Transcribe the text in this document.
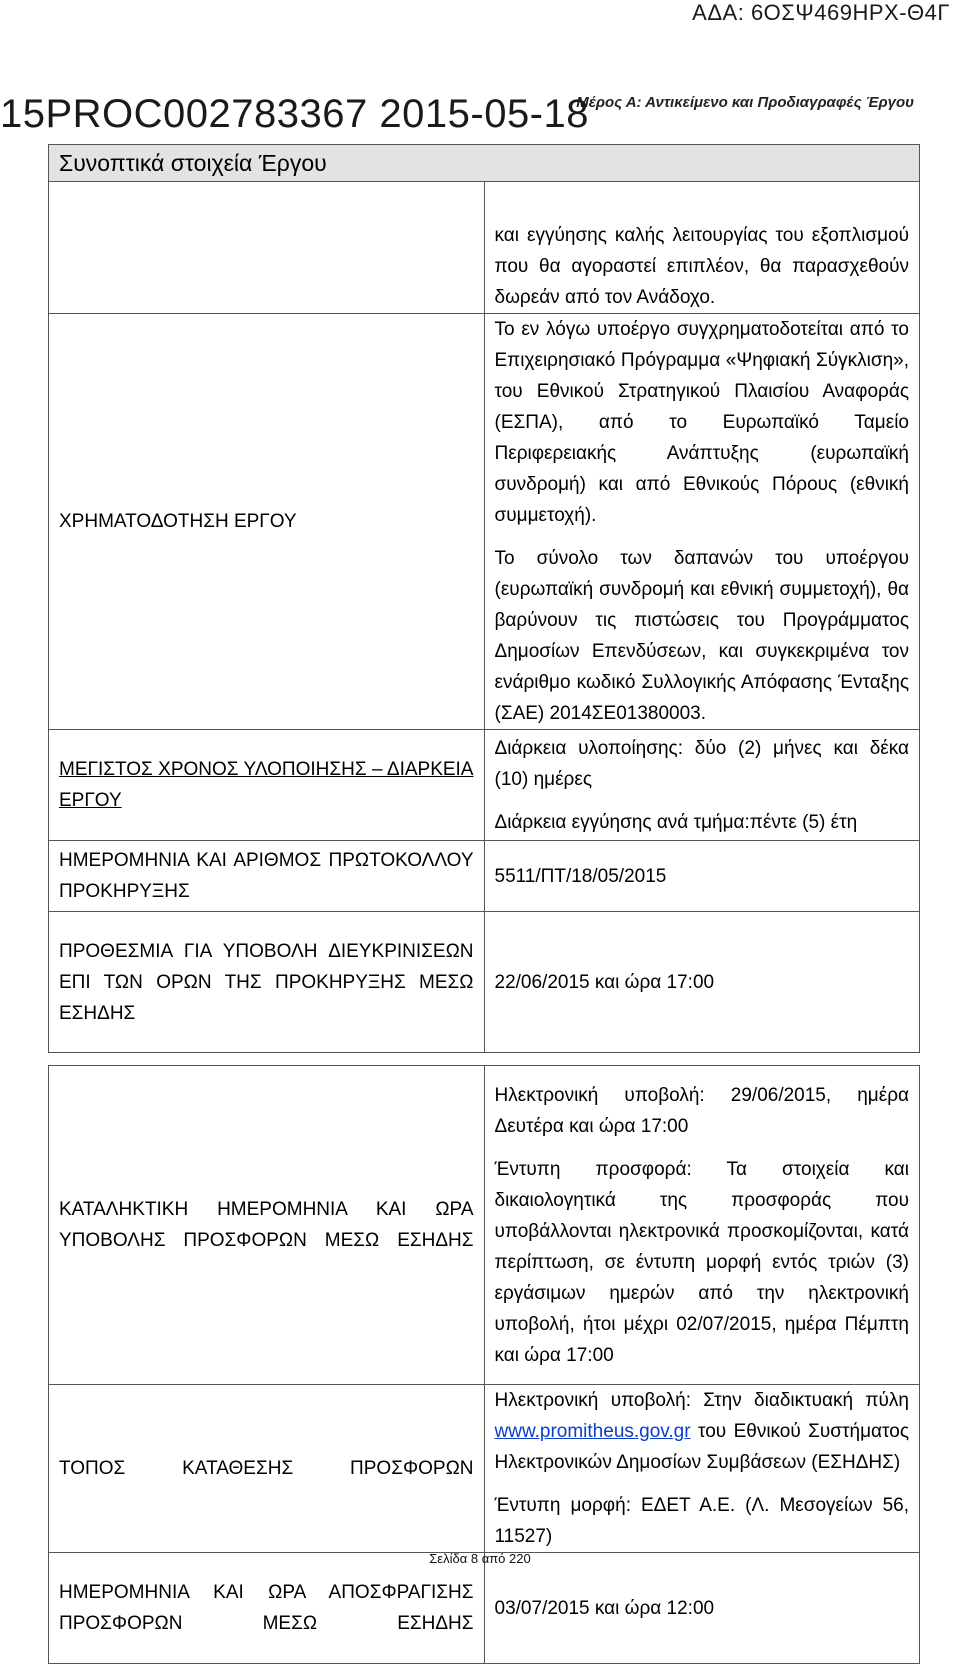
ΑΔΑ: 6ΟΣΨ469ΗΡΧ-Θ4Γ
Μέρος Α: Αντικείμενο και Προδιαγραφές Έργου
15PROC002783367 2015-05-18
Συνοπτικά στοιχεία Έργου	

	και εγγύησης καλής λειτουργίας του εξοπλισμού που θα αγοραστεί επιπλέον, θα παρασχεθούν δωρεάν από τον Ανάδοχο.

ΧΡΗΜΑΤΟΔΟΤΗΣΗ ΕΡΓΟΥ	Το εν λόγω υποέργο συγχρηματοδοτείται από το Επιχειρησιακό Πρόγραμμα «Ψηφιακή Σύγκλιση», του Εθνικού Στρατηγικού Πλαισίου Αναφοράς (ΕΣΠΑ), από το Ευρωπαϊκό Ταμείο Περιφερειακής Ανάπτυξης (ευρωπαϊκή συνδρομή) και από Εθνικούς Πόρους (εθνική συμμετοχή).

Το σύνολο των δαπανών του υποέργου (ευρωπαϊκή συνδρομή και εθνική συμμετοχή), θα βαρύνουν τις πιστώσεις του Προγράμματος Δημοσίων Επενδύσεων, και συγκεκριμένα τον ενάριθμο κωδικό Συλλογικής Απόφασης Ένταξης (ΣΑΕ) 2014ΣΕ01380003.

ΜΕΓΙΣΤΟΣ ΧΡΟΝΟΣ ΥΛΟΠΟΙΗΣΗΣ – ΔΙΑΡΚΕΙΑ ΕΡΓΟΥ	Διάρκεια υλοποίησης: δύο (2) μήνες και δέκα (10) ημέρες

Διάρκεια εγγύησης ανά τμήμα:πέντε (5) έτη

ΗΜΕΡΟΜΗΝΙΑ ΚΑΙ ΑΡΙΘΜΟΣ ΠΡΩΤΟΚΟΛΛΟΥ ΠΡΟΚΗΡΥΞΗΣ	5511/ΠΤ/18/05/2015
ΠΡΟΘΕΣΜΙΑ ΓΙΑ ΥΠΟΒΟΛΗ ΔΙΕΥΚΡΙΝΙΣΕΩΝ ΕΠΙ ΤΩΝ ΟΡΩΝ ΤΗΣ ΠΡΟΚΗΡΥΞΗΣ ΜΕΣΩ ΕΣΗΔΗΣ	22/06/2015 και ώρα 17:00

ΚΑΤΑΛΗΚΤΙΚΗ ΗΜΕΡΟΜΗΝΙΑ ΚΑΙ ΩΡΑ ΥΠΟΒΟΛΗΣ ΠΡΟΣΦΟΡΩΝ ΜΕΣΩ ΕΣΗΔΗΣ	Ηλεκτρονική υποβολή: 29/06/2015, ημέρα Δευτέρα και ώρα 17:00

Έντυπη προσφορά: Τα στοιχεία και δικαιολογητικά της προσφοράς που υποβάλλονται ηλεκτρονικά προσκομίζονται, κατά περίπτωση, σε έντυπη μορφή εντός τριών (3) εργάσιμων ημερών από την ηλεκτρονική υποβολή, ήτοι μέχρι 02/07/2015, ημέρα Πέμπτη και ώρα 17:00

ΤΟΠΟΣ ΚΑΤΑΘΕΣΗΣ ΠΡΟΣΦΟΡΩΝ	Ηλεκτρονική υποβολή: Στην διαδικτυακή πύλη www.promitheus.gov.gr του Εθνικού Συστήματος Ηλεκτρονικών Δημοσίων Συμβάσεων (ΕΣΗΔΗΣ)

Έντυπη μορφή: ΕΔΕΤ Α.Ε. (Λ. Μεσογείων 56, 11527)

ΗΜΕΡΟΜΗΝΙΑ ΚΑΙ ΩΡΑ ΑΠΟΣΦΡΑΓΙΣΗΣ ΠΡΟΣΦΟΡΩΝ ΜΕΣΩ ΕΣΗΔΗΣ	03/07/2015 και ώρα 12:00
Σελίδα 8 από 220
